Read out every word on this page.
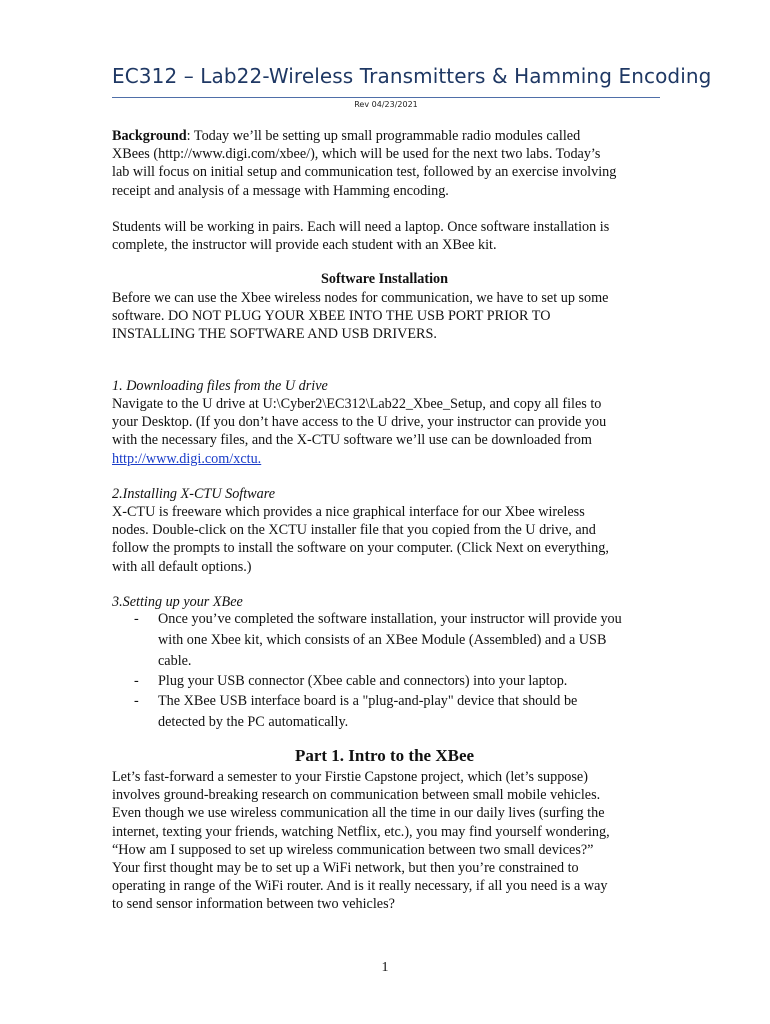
EC312 – Lab22-Wireless Transmitters & Hamming Encoding
Rev 04/23/2021
Background: Today we’ll be setting up small programmable radio modules called
XBees (http://www.digi.com/xbee/), which will be used for the next two labs. Today’s
lab will focus on initial setup and communication test, followed by an exercise involving
receipt and analysis of a message with Hamming encoding.
Students will be working in pairs. Each will need a laptop. Once software installation is
complete, the instructor will provide each student with an XBee kit.
Software Installation
Before we can use the Xbee wireless nodes for communication, we have to set up some
software. DO NOT PLUG YOUR XBEE INTO THE USB PORT PRIOR TO
INSTALLING THE SOFTWARE AND USB DRIVERS.
1. Downloading files from the U drive
Navigate to the U drive at U:\Cyber2\EC312\Lab22_Xbee_Setup, and copy all files to
your Desktop. (If you don’t have access to the U drive, your instructor can provide you
with the necessary files, and the X-CTU software we’ll use can be downloaded from
http://www.digi.com/xctu.
2.Installing X-CTU Software
X-CTU is freeware which provides a nice graphical interface for our Xbee wireless
nodes. Double-click on the XCTU installer file that you copied from the U drive, and
follow the prompts to install the software on your computer. (Click Next on everything,
with all default options.)
3.Setting up your XBee
- Once you’ve completed the software installation, your instructor will provide you
with one Xbee kit, which consists of an XBee Module (Assembled) and a USB
cable.
- Plug your USB connector (Xbee cable and connectors) into your laptop.
- The XBee USB interface board is a "plug-and-play" device that should be
detected by the PC automatically.
Part 1. Intro to the XBee
Let’s fast-forward a semester to your Firstie Capstone project, which (let’s suppose)
involves ground-breaking research on communication between small mobile vehicles.
Even though we use wireless communication all the time in our daily lives (surfing the
internet, texting your friends, watching Netflix, etc.), you may find yourself wondering,
“How am I supposed to set up wireless communication between two small devices?”
Your first thought may be to set up a WiFi network, but then you’re constrained to
operating in range of the WiFi router. And is it really necessary, if all you need is a way
to send sensor information between two vehicles?
1
